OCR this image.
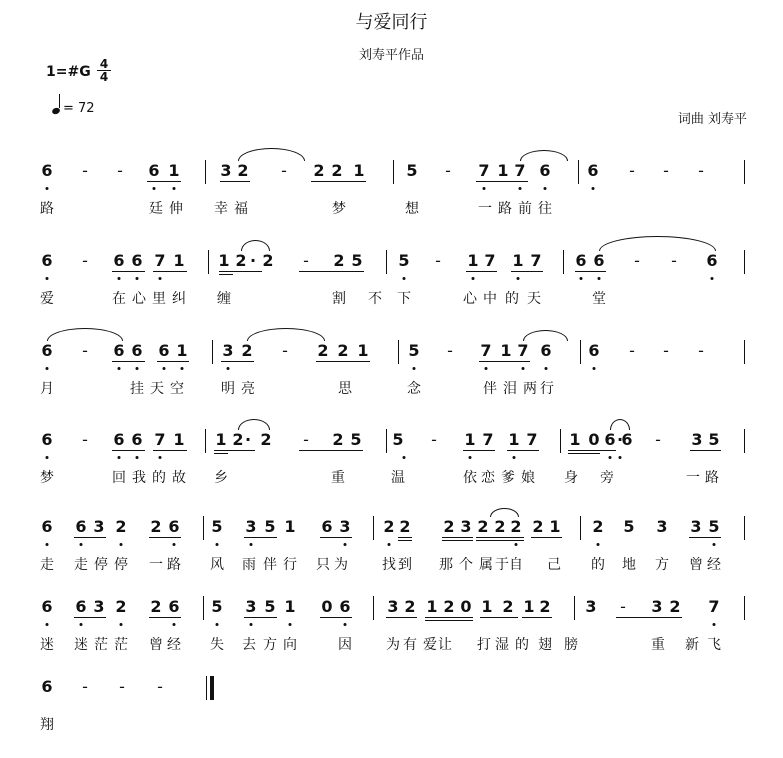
与爱同行
刘寿平作品
1=#G $\frac{4}{4}$
= 72
词曲 刘寿平
6 - - 6 1	3 2 - 2 2 1	5 - 7 1 7 6 6 - - -
路	廷 伸 幸 福	梦	想	一 路 前 往
6 - 6 6 7 1 1 2 · 2 - 2 5 5 - 1 7 1 7 6 6 - - 6
爱	在 心 里 纠 缠	割 不 下	心 中 的 天	堂
6 - 6 6 6 1 3 2 - 2 2 1 5 - 7 1 7 6 6 - - -
月	挂 天 空	明 亮	思	念	伴 泪 两 行
6 - 6 6 7 1 1 2 · 2 - 2 5 5 - 1 7 1 7 1 0 6 ·
6 - 3 5
梦	回 我 的 故 乡	重	温	依 恋 爹 娘 身 旁	一 路
6 6 3 2 2 6 5 3 5 1 6 3 2 2 2 3 2 2 2 2 1 2 5 3 3 5
走 走 停 停 一 路 风 雨 伴 行 只 为 找 到 那 个 属 于 自 己 的 地 方 曾 经
6 6 3 2 2 6 5 3 5 1 0 6 3 2 1 2 0 1 2 1 2 3 - 3 2 7
迷 迷 茫 茫 曾 经 失 去 方 向	因 为 有 爱 让 打 湿 的 翅 膀	重 新 飞
6 - - -
翔
